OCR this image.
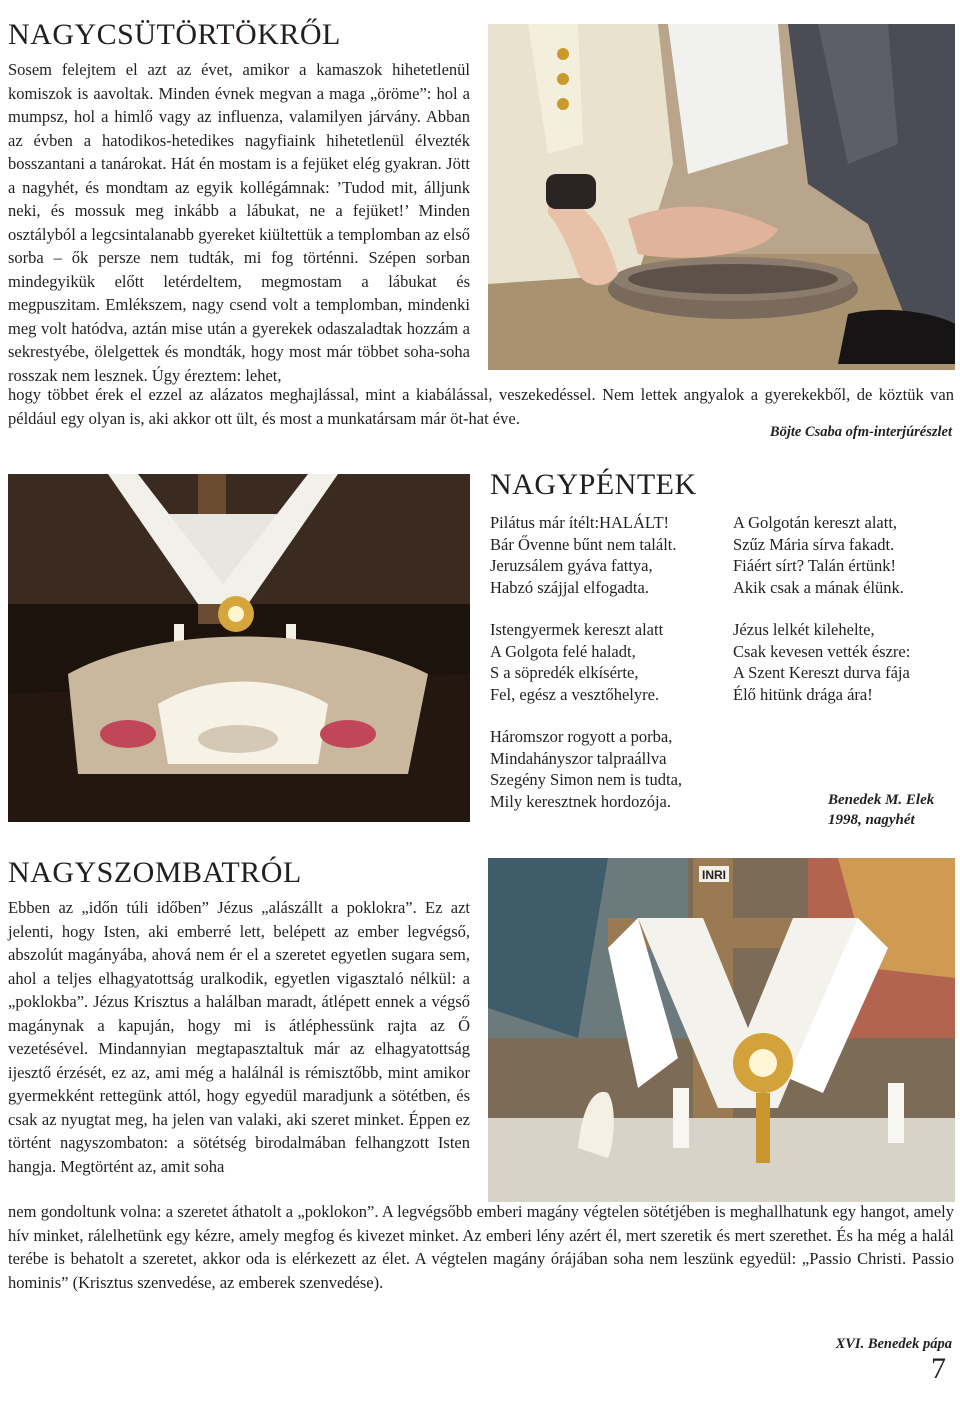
NAGYCSÜTÖRTÖKRŐL

Sosem felejtem el azt az évet, amikor a kamaszok hihetetlenül komiszok is aavoltak. Minden évnek megvan a maga „öröme”: hol a mumpsz, hol a himlő vagy az influenza, valamilyen járvány. Abban az évben a hatodikos-hetedikes nagyfiaink hihetetlenül élvezték bosszantani a tanárokat. Hát én mostam is a fejüket elég gyakran. Jött a nagyhét, és mondtam az egyik kollégámnak: ’Tudod mit, álljunk neki, és mossuk meg inkább a lábukat, ne a fejüket!’ Minden osztályból a legcsintalanabb gyereket kiültettük a templomban az első sorba – ők persze nem tudták, mi fog történni. Szépen sorban mindegyikük előtt letérdeltem, megmostam a lábukat és megpuszitam. Emlékszem, nagy csend volt a templomban, mindenki meg volt hatódva, aztán mise után a gyerekek odaszaladtak hozzám a sekrestyébe, ölelgettek és mondták, hogy most már többet soha-soha rosszak nem lesznek. Úgy éreztem: lehet,

hogy többet érek el ezzel az alázatos meghajlással, mint a kiabálással, veszekedéssel. Nem lettek angyalok a gyerekekből, de köztük van például egy olyan is, aki akkor ott ült, és most a munkatársam már öt-hat éve.

Böjte Csaba ofm-interjúrészlet
NAGYPÉNTEK

Pilátus már ítélt:HALÁLT!

Bár Ővenne bűnt nem talált.

Jeruzsálem gyáva fattya,

Habzó szájjal elfogadta.

Istengyermek kereszt alatt

A Golgota felé haladt,

S a söpredék elkísérte,

Fel, egész a vesztőhelyre.

Háromszor rogyott a porba,

Mindahányszor talpraállva

Szegény Simon nem is tudta,

Mily keresztnek hordozója.

A Golgotán kereszt alatt,

Szűz Mária sírva fakadt.

Fiáért sírt? Talán értünk!

Akik csak a mának élünk.

Jézus lelkét kilehelte,

Csak kevesen vették észre:

A Szent Kereszt durva fája

Élő hitünk drága ára!

Benedek M. Elek
1998, nagyhét
NAGYSZOMBATRÓL

Ebben az „időn túli időben” Jézus „alászállt a poklokra”. Ez azt jelenti, hogy Isten, aki emberré lett, belépett az ember legvégső, abszolút magányába, ahová nem ér el a szeretet egyetlen sugara sem, ahol a teljes elhagyatottság uralkodik, egyetlen vigasztaló nélkül: a „poklokba”. Jézus Krisztus a halálban maradt, átlépett ennek a végső magánynak a kapuján, hogy mi is átléphessünk rajta az Ő vezetésével. Mindannyian megtapasztaltuk már az elhagyatottság ijesztő érzését, ez az, ami még a halálnál is rémisztőbb, mint amikor gyermekként rettegünk attól, hogy egyedül maradjunk a sötétben, és csak az nyugtat meg, ha jelen van valaki, aki szeret minket. Éppen ez történt nagyszombaton: a sötétség birodalmában felhangzott Isten hangja. Megtörtént az, amit soha

INRI

nem gondoltunk volna: a szeretet áthatolt a „poklokon”. A legvégsőbb emberi magány végtelen sötétjében is meghallhatunk egy hangot, amely hív minket, rálelhetünk egy kézre, amely megfog és kivezet minket. Az emberi lény azért él, mert szeretik és mert szerethet. És ha még a halál terébe is behatolt a szeretet, akkor oda is elérkezett az élet. A végtelen magány órájában soha nem leszünk egyedül: „Passio Christi. Passio hominis” (Krisztus szenvedése, az emberek szenvedése).

XVI. Benedek pápa
7
